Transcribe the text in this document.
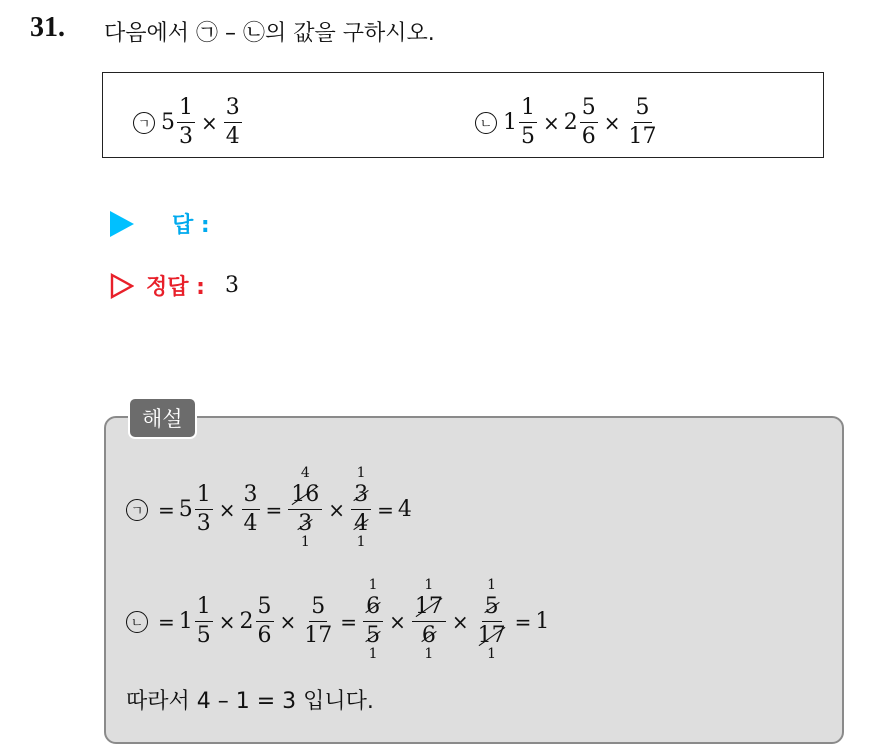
31. 다음에서 ㉠ – ㉡의 값을 구하시오.
ㄱ $5 \frac{1}{3} \times \frac{3}{4}$	ㄴ $1 \frac{1}{5} \times 2 \frac{5}{6} \times \frac{5}{17}$
답 :
정답 : 3
ㄱ = $5 \frac{1}{3} \times \frac{3}{4}$ =
4
16
3
1
×
1
3
4
1
= 4
ㄴ = $1 \frac{1}{5} \times 2 \frac{5}{6} \times \frac{5}{17}$ =
1
6
5
1
×
1
17
6
1
×
1
5
17
1
= 1
따라서 4 – 1 = 3 입니다.
해설
